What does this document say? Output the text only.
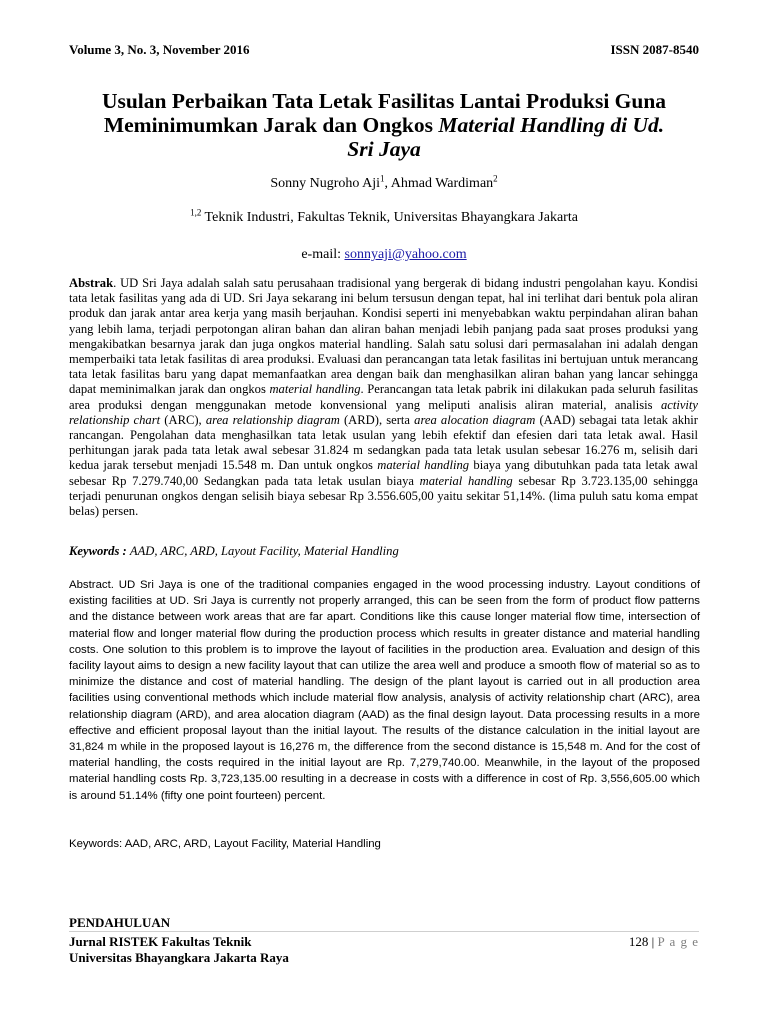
Volume 3, No. 3, November 2016	ISSN 2087-8540
Usulan Perbaikan Tata Letak Fasilitas Lantai Produksi Guna
Meminimumkan Jarak dan Ongkos Material Handling di Ud.
Sri Jaya
Sonny Nugroho Aji$^1$, Ahmad Wardiman$^2$
$^{1,2}$ Teknik Industri, Fakultas Teknik, Universitas Bhayangkara Jakarta
e-mail: sonnyaji@yahoo.com

Abstrak. UD Sri Jaya adalah salah satu perusahaan tradisional yang bergerak di bidang industri pengolahan kayu. Kondisi tata letak fasilitas yang ada di UD. Sri Jaya sekarang ini belum tersusun dengan tepat, hal ini terlihat dari bentuk pola aliran produk dan jarak antar area kerja yang masih berjauhan. Kondisi seperti ini menyebabkan waktu perpindahan aliran bahan yang lebih lama, terjadi perpotongan aliran bahan dan aliran bahan menjadi lebih panjang pada saat proses produksi yang mengakibatkan besarnya jarak dan juga ongkos material handling. Salah satu solusi dari permasalahan ini adalah dengan memperbaiki tata letak fasilitas di area produksi. Evaluasi dan perancangan tata letak fasilitas ini bertujuan untuk merancang tata letak fasilitas baru yang dapat memanfaatkan area dengan baik dan menghasilkan aliran bahan yang lancar sehingga dapat meminimalkan jarak dan ongkos material handling. Perancangan tata letak pabrik ini dilakukan pada seluruh fasilitas area produksi dengan menggunakan metode konvensional yang meliputi analisis aliran material, analisis activity relationship chart (ARC), area relationship diagram (ARD), serta area alocation diagram (AAD) sebagai tata letak akhir rancangan. Pengolahan data menghasilkan tata letak usulan yang lebih efektif dan efesien dari tata letak awal. Hasil perhitungan jarak pada tata letak awal sebesar 31.824 m sedangkan pada tata letak usulan sebesar 16.276 m, selisih dari kedua jarak tersebut menjadi 15.548 m. Dan untuk ongkos material handling biaya yang dibutuhkan pada tata letak awal sebesar Rp 7.279.740,00 Sedangkan pada tata letak usulan biaya material handling sebesar Rp 3.723.135,00 sehingga terjadi penurunan ongkos dengan selisih biaya sebesar Rp 3.556.605,00 yaitu sekitar 51,14%. (lima puluh satu koma empat belas) persen.

Keywords : AAD, ARC, ARD, Layout Facility, Material Handling

Abstract. UD Sri Jaya is one of the traditional companies engaged in the wood processing industry. Layout conditions of existing facilities at UD. Sri Jaya is currently not properly arranged, this can be seen from the form of product flow patterns and the distance between work areas that are far apart. Conditions like this cause longer material flow time, intersection of material flow and longer material flow during the production process which results in greater distance and material handling costs. One solution to this problem is to improve the layout of facilities in the production area. Evaluation and design of this facility layout aims to design a new facility layout that can utilize the area well and produce a smooth flow of material so as to minimize the distance and cost of material handling. The design of the plant layout is carried out in all production area facilities using conventional methods which include material flow analysis, analysis of activity relationship chart (ARC), area relationship diagram (ARD), and area alocation diagram (AAD) as the final design layout. Data processing results in a more effective and efficient proposal layout than the initial layout. The results of the distance calculation in the initial layout are 31,824 m while in the proposed layout is 16,276 m, the difference from the second distance is 15,548 m. And for the cost of material handling, the costs required in the initial layout are Rp. 7,279,740.00. Meanwhile, in the layout of the proposed material handling costs Rp. 3,723,135.00 resulting in a decrease in costs with a difference in cost of Rp. 3,556,605.00 which is around 51.14% (fifty one point fourteen) percent.

Keywords: AAD, ARC, ARD, Layout Facility, Material Handling

PENDAHULUAN
Jurnal RISTEK Fakultas Teknik	128 | P a g e
Universitas Bhayangkara Jakarta Raya
